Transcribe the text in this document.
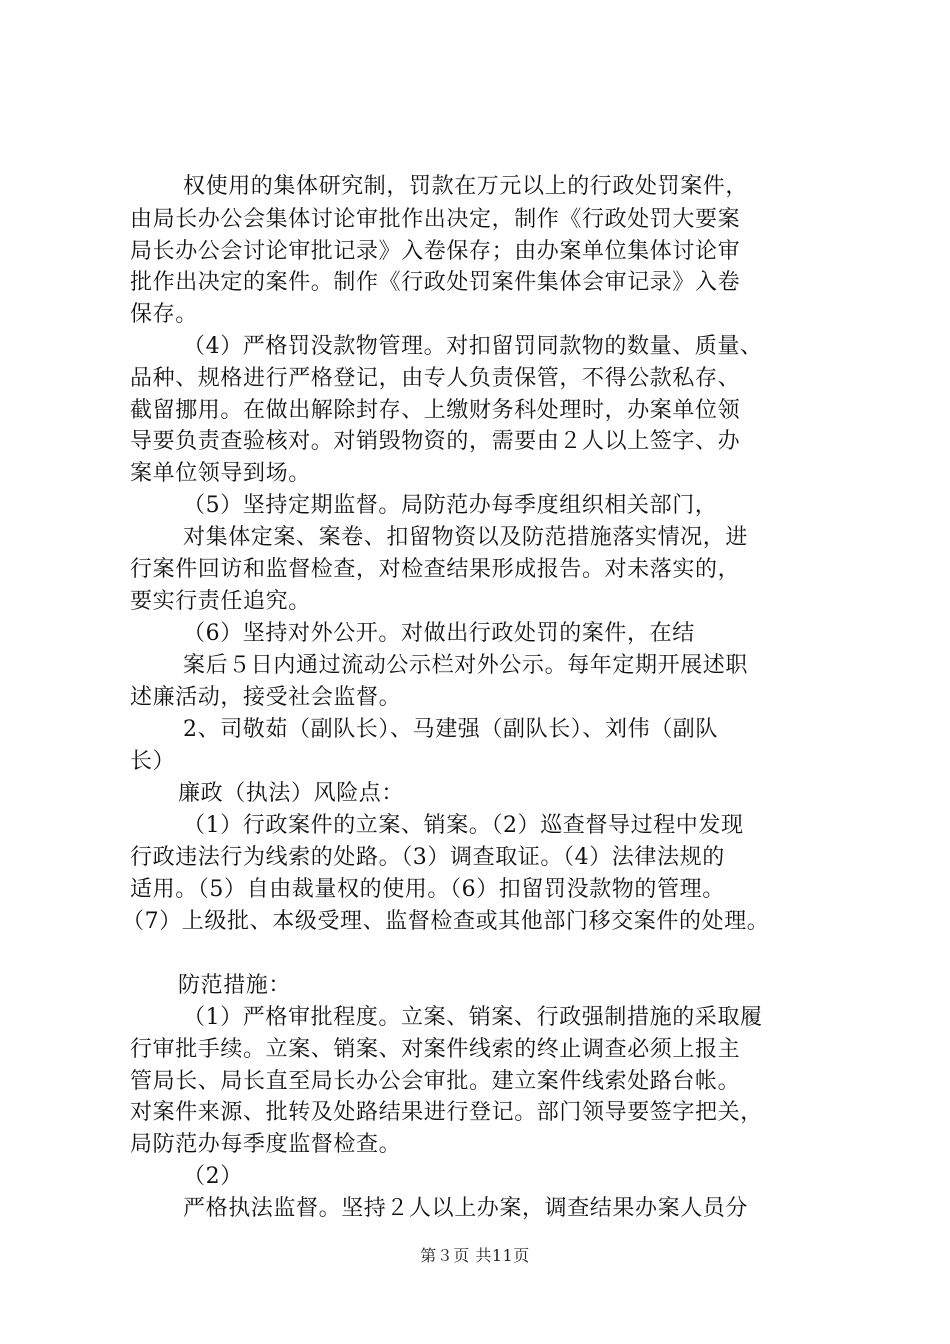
权使用的集体研究制，罚款在万元以上的行政处罚案件，
由局长办公会集体讨论审批作出决定，制作《行政处罚大要案
局长办公会讨论审批记录》入卷保存；由办案单位集体讨论审
批作出决定的案件。制作《行政处罚案件集体会审记录》入卷
保存。
（4）严格罚没款物管理。对扣留罚同款物的数量、质量、
品种、规格进行严格登记，由专人负责保管，不得公款私存、
截留挪用。在做出解除封存、上缴财务科处理时，办案单位领
导要负责查验核对。对销毁物资的，需要由２人以上签字、办
案单位领导到场。
（5）坚持定期监督。局防范办每季度组织相关部门，
对集体定案、案卷、扣留物资以及防范措施落实情况，进
行案件回访和监督检查，对检查结果形成报告。对未落实的，
要实行责任追究。
（6）坚持对外公开。对做出行政处罚的案件，在结
案后５日内通过流动公示栏对外公示。每年定期开展述职
述廉活动，接受社会监督。
2、司敬茹（副队长）、马建强（副队长）、刘伟（副队
长）
廉政（执法）风险点：
（1）行政案件的立案、销案。（2）巡查督导过程中发现
行政违法行为线索的处路。（3）调查取证。（4）法律法规的
适用。（5）自由裁量权的使用。（6）扣留罚没款物的管理。
（7）上级批、本级受理、监督检查或其他部门移交案件的处理。
防范措施：
（1）严格审批程度。立案、销案、行政强制措施的采取履
行审批手续。立案、销案、对案件线索的终止调查必须上报主
管局长、局长直至局长办公会审批。建立案件线索处路台帐。
对案件来源、批转及处路结果进行登记。部门领导要签字把关，
局防范办每季度监督检查。
（2）
严格执法监督。坚持２人以上办案，调查结果办案人员分
第３页 共11页
